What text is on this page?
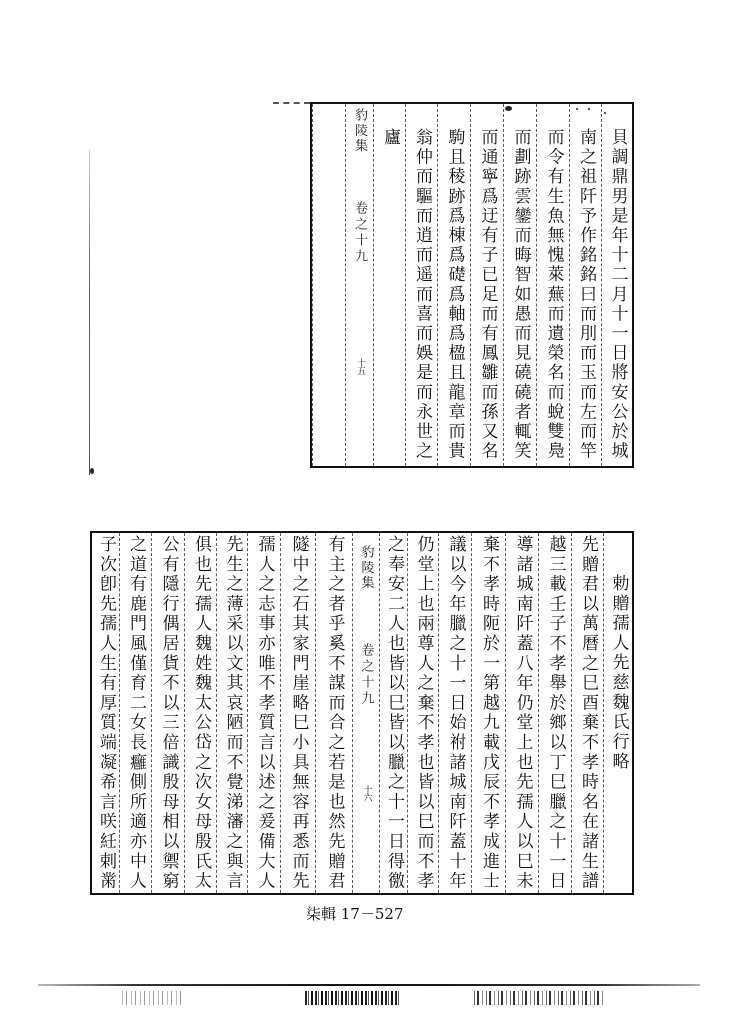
貝調鼎男是年十二月十一日將安公於城
南之祖阡予作銘銘曰而刖而玉而左而竿
而令有生魚無愧萊蕪而遺榮名而蛻雙鳧
而劃跡雲鑾而晦智如愚而見磽磽者輒笑
而通寧爲迂有子已足而有鳳雛而孫又名
駒且稜跡爲棟爲礎爲軸爲楹且龍章而貴
翁仲而驅而逍而遥而喜而娛是而永世之
廬
豹陵集
卷之十九
十五
勅贈孺人先慈魏氏行略
先贈君以萬曆之巳酉棄不孝時名在諸生譜
越三載壬子不孝舉於鄉以丁巳臘之十一日
導諸城南阡蓋八年仍堂上也先孺人以巳未
棄不孝時阨於一第越九載戊辰不孝成進士
議以今年臘之十一日始祔諸城南阡蓋十年
仍堂上也兩尊人之棄不孝也皆以巳而不孝
之奉安二人也皆以巳皆以臘之十一日得徼
豹陵集
卷之十九
十六
有主之者乎奚不謀而合之若是也然先贈君
隧中之石其家門崖略巳小具無容再悉而先
孺人之志事亦唯不孝質言以述之爰備大人
先生之薄采以文其哀陋而不覺涕瀋之與言
俱也先孺人魏姓魏太公岱之次女母殷氏太
公有隱行偶居貨不以三倍識殷母相以禦窮
之道有鹿門風僅育二女長癰側所適亦中人
子次卽先孺人生有厚質端凝希言咲紝剌黹
柒輯 17－527
